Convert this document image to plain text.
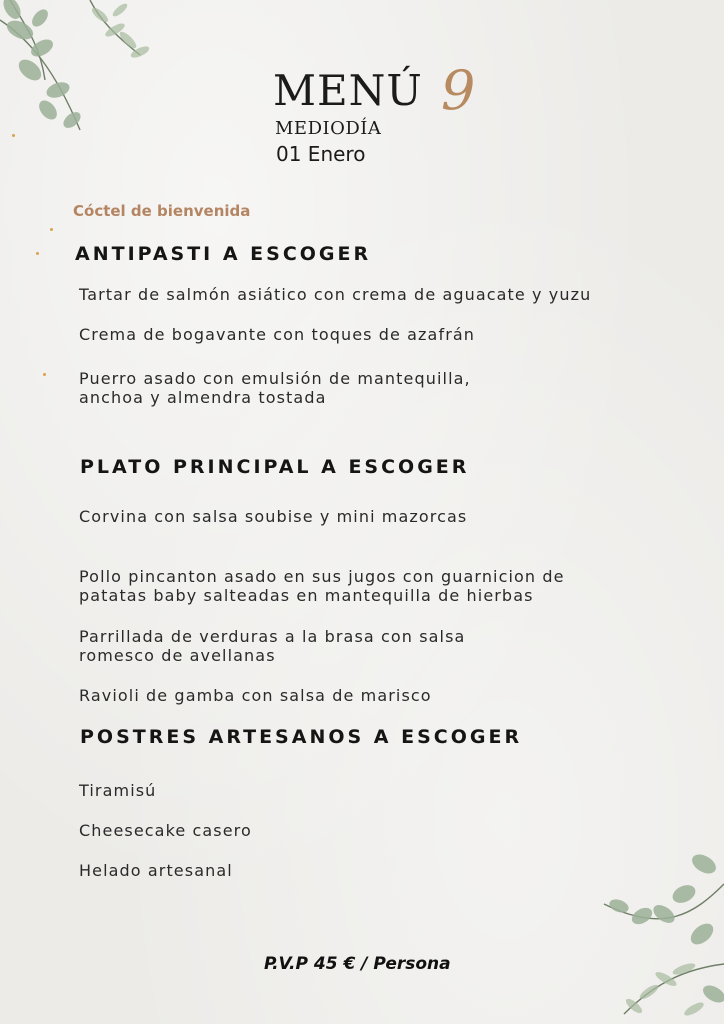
MENÚ 9
MEDIODÍA
01 Enero
Cóctel de bienvenida
ANTIPASTI A ESCOGER
Tartar de salmón asiático con crema de aguacate y yuzu
Crema de bogavante con toques de azafrán
Puerro asado con emulsión de mantequilla,
anchoa y almendra tostada
PLATO PRINCIPAL A ESCOGER
Corvina con salsa soubise y mini mazorcas
Pollo pincanton asado en sus jugos con guarnicion de
patatas baby salteadas en mantequilla de hierbas
Parrillada de verduras a la brasa con salsa
romesco de avellanas
Ravioli de gamba con salsa de marisco
POSTRES ARTESANOS A ESCOGER
Tiramisú
Cheesecake casero
Helado artesanal
P.V.P 45 € / Persona
